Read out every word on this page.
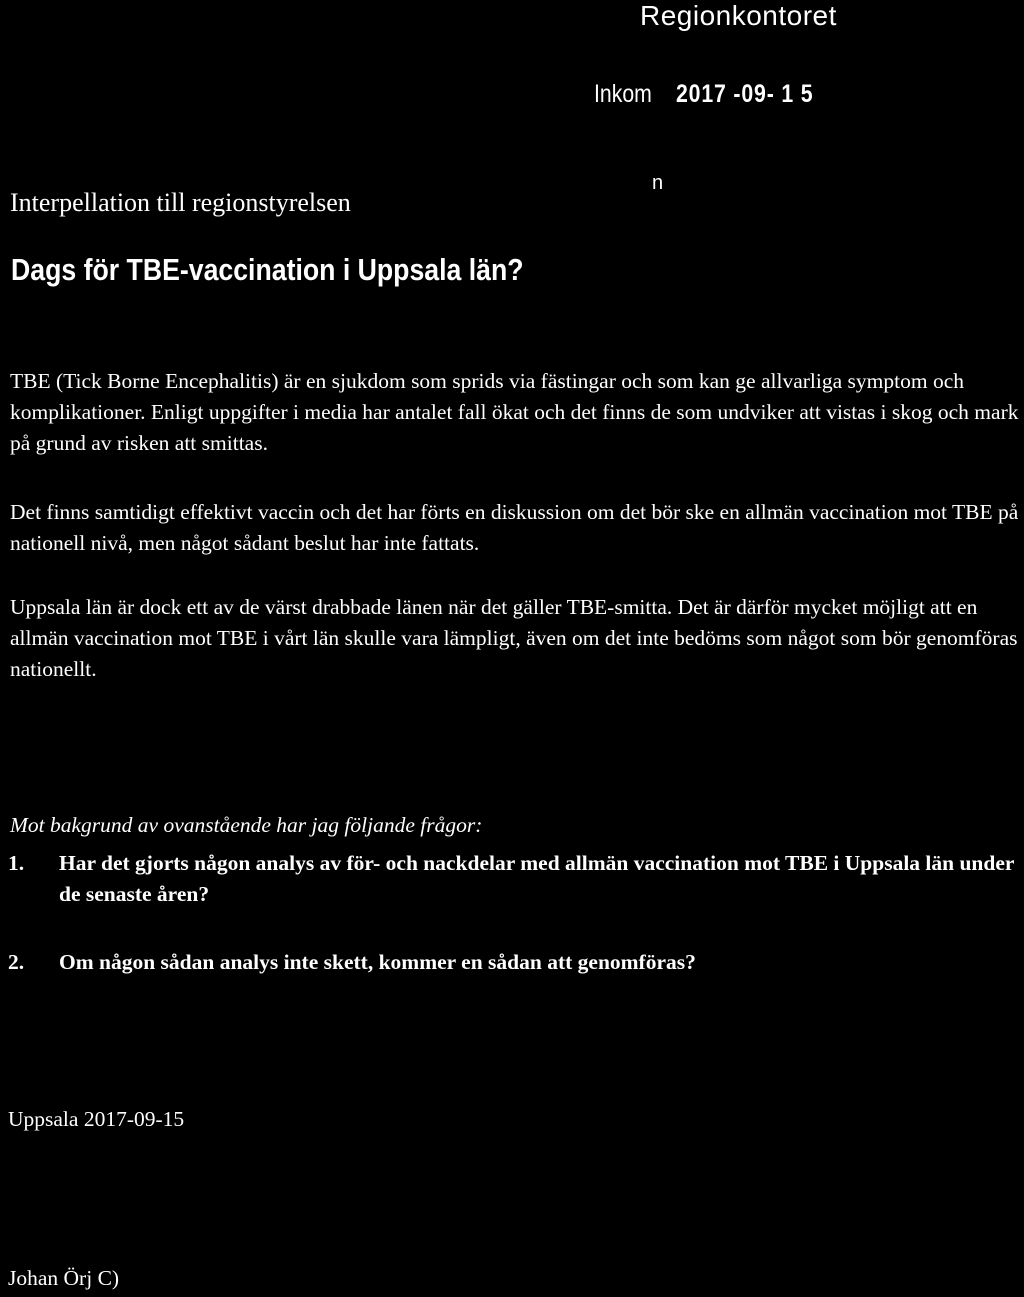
Regionkontoret
Inkom 2017 -09- 1 5
n
Interpellation till regionstyrelsen
Dags för TBE-vaccination i Uppsala län?

TBE (Tick Borne Encephalitis) är en sjukdom som sprids via fästingar och som kan ge allvarliga symptom och komplikationer. Enligt uppgifter i media har antalet fall ökat och det finns de som undviker att vistas i skog och mark på grund av risken att smittas.

Det finns samtidigt effektivt vaccin och det har förts en diskussion om det bör ske en allmän vaccination mot TBE på nationell nivå, men något sådant beslut har inte fattats.

Uppsala län är dock ett av de värst drabbade länen när det gäller TBE-smitta. Det är därför mycket möjligt att en allmän vaccination mot TBE i vårt län skulle vara lämpligt, även om det inte bedöms som något som bör genomföras nationellt.

Mot bakgrund av ovanstående har jag följande frågor:
1.	Har det gjorts någon analys av för- och nackdelar med allmän vaccination mot TBE i Uppsala län under de senaste åren?
2.	Om någon sådan analys inte skett, kommer en sådan att genomföras?
Uppsala 2017-09-15
Johan Örj C)
